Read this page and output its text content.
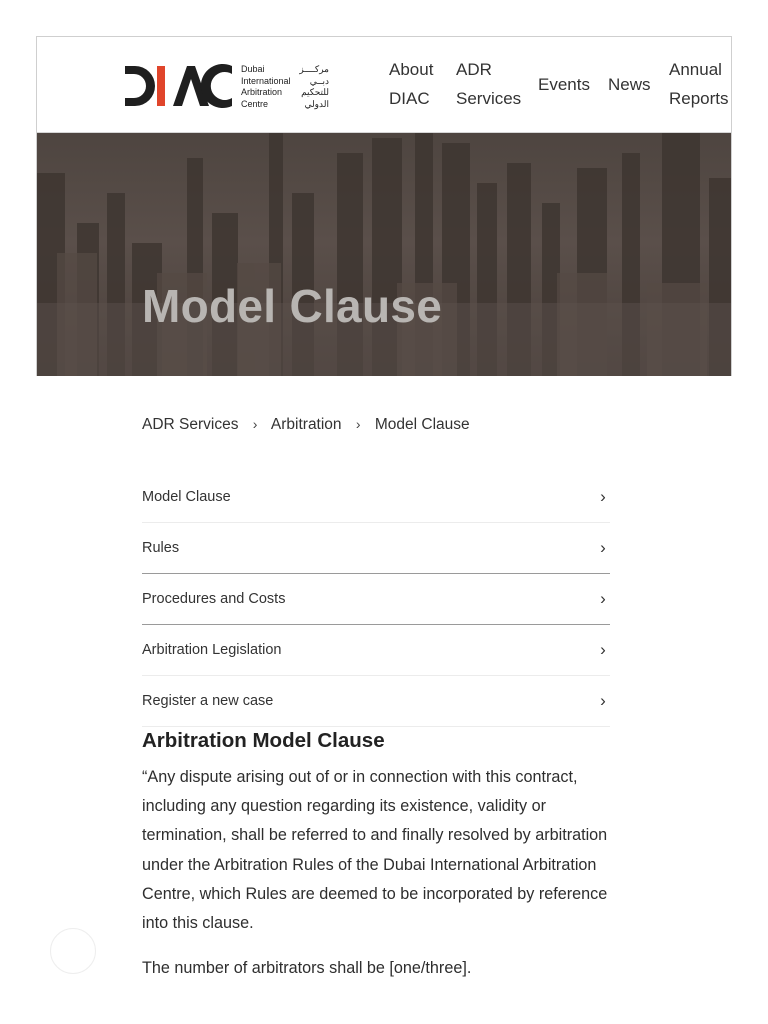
Dubai
International
Arbitration
Centre
مركــــز
دبــي
للتحكيم
الدولي
About
DIAC
ADR
Services
Events News
Annual
Reports
Model Clause
ADR Services › Arbitration › Model Clause
Model Clause	›
Rules	›
Procedures and Costs	›
Arbitration Legislation	›
Register a new case	›
Arbitration Model Clause

“Any dispute arising out of or in connection with this contract, including any question regarding its existence, validity or termination, shall be referred to and finally resolved by arbitration under the Arbitration Rules of the Dubai International Arbitration Centre, which Rules are deemed to be incorporated by reference into this clause.

The number of arbitrators shall be [one/three].
